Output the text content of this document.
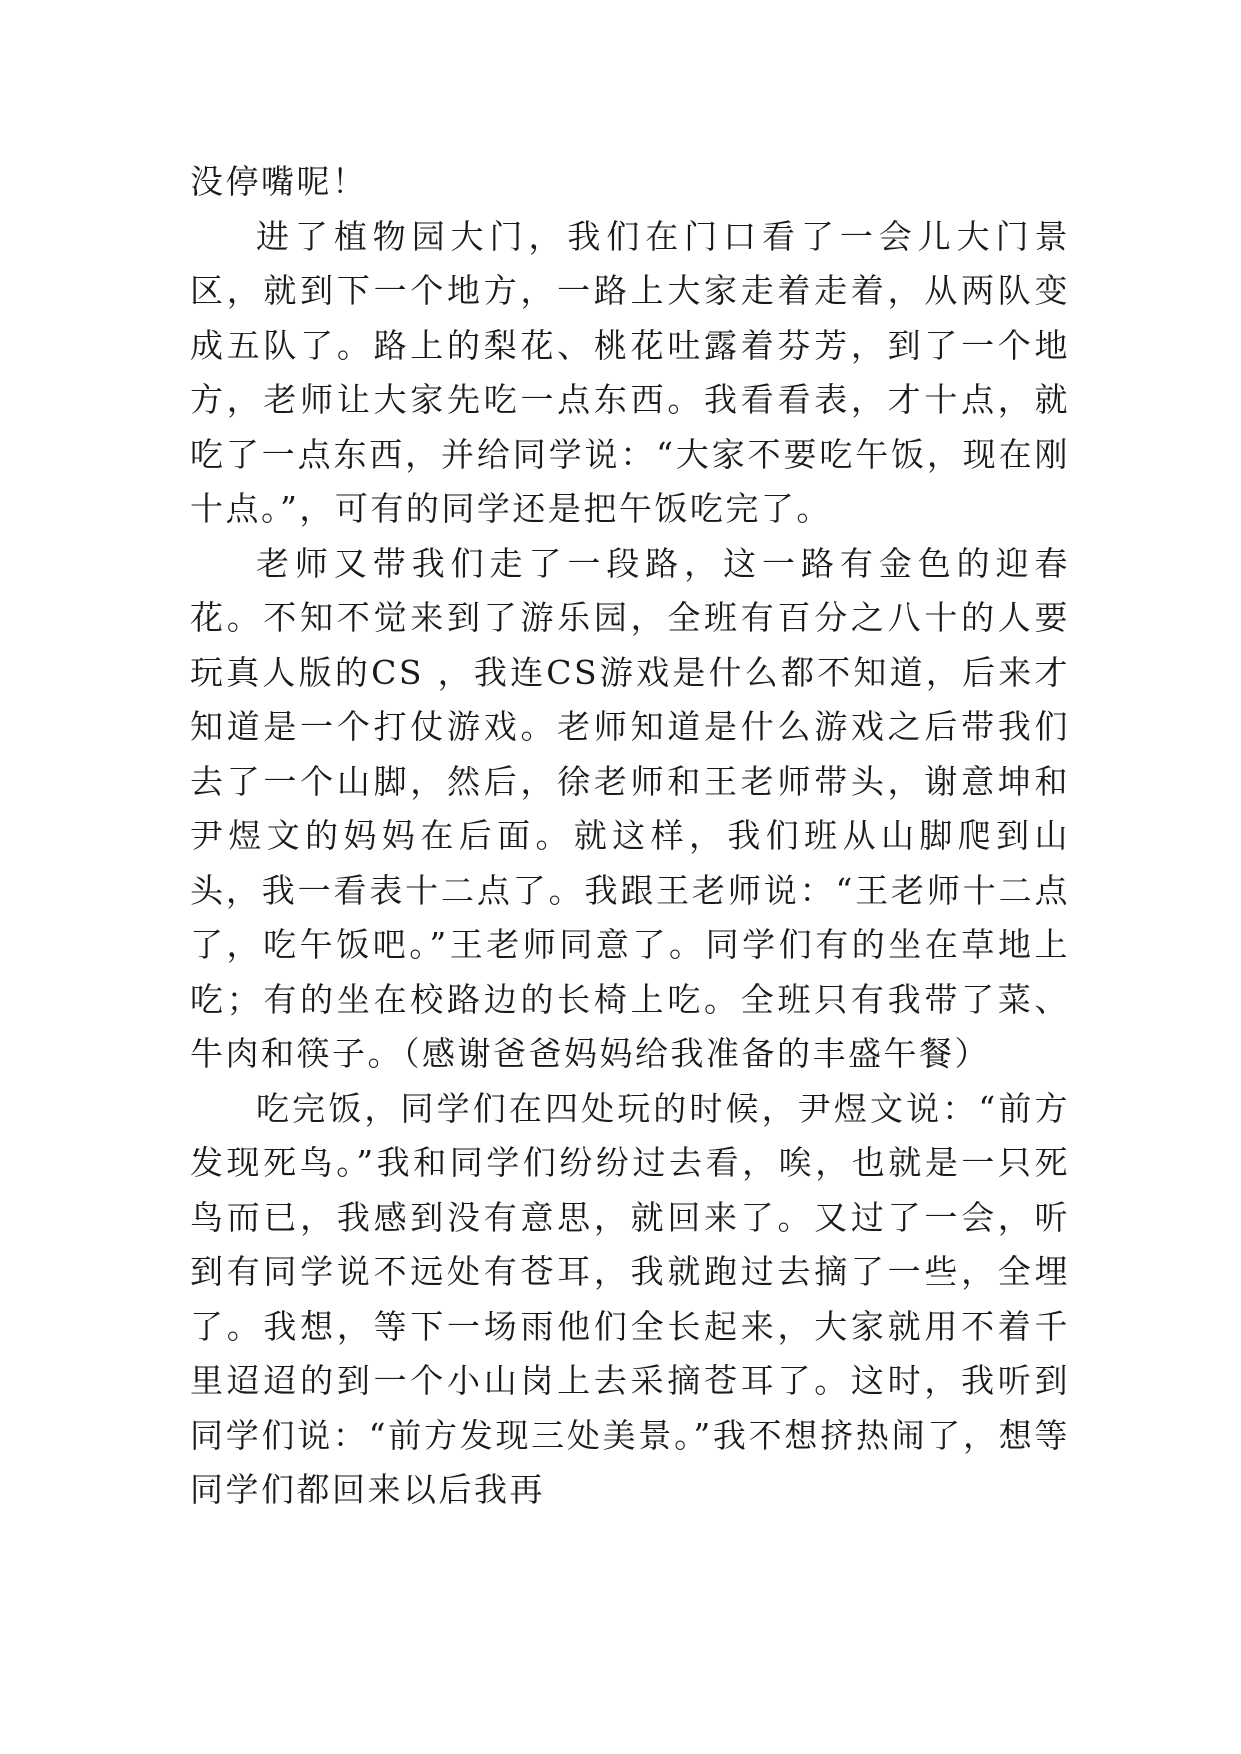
没停嘴呢！

进了植物园大门，我们在门口看了一会儿大门景区，就到下一个地方，一路上大家走着走着，从两队变成五队了。路上的梨花、桃花吐露着芬芳，到了一个地方，老师让大家先吃一点东西。我看看表，才十点，就吃了一点东西，并给同学说：“大家不要吃午饭，现在刚十点。”，可有的同学还是把午饭吃完了。

老师又带我们走了一段路，这一路有金色的迎春花。不知不觉来到了游乐园，全班有百分之八十的人要玩真人版的CS ，我连CS游戏是什么都不知道，后来才知道是一个打仗游戏。老师知道是什么游戏之后带我们去了一个山脚，然后，徐老师和王老师带头，谢意坤和尹煜文的妈妈在后面。就这样，我们班从山脚爬到山头，我一看表十二点了。我跟王老师说：“王老师十二点了，吃午饭吧。”王老师同意了。同学们有的坐在草地上吃；有的坐在校路边的长椅上吃。全班只有我带了菜、牛肉和筷子。（感谢爸爸妈妈给我准备的丰盛午餐）

吃完饭，同学们在四处玩的时候，尹煜文说：“前方发现死鸟。”我和同学们纷纷过去看，唉，也就是一只死鸟而已，我感到没有意思，就回来了。又过了一会，听到有同学说不远处有苍耳，我就跑过去摘了一些，全埋了。我想，等下一场雨他们全长起来，大家就用不着千里迢迢的到一个小山岗上去采摘苍耳了。这时，我听到同学们说：“前方发现三处美景。”我不想挤热闹了，想等同学们都回来以后我再
